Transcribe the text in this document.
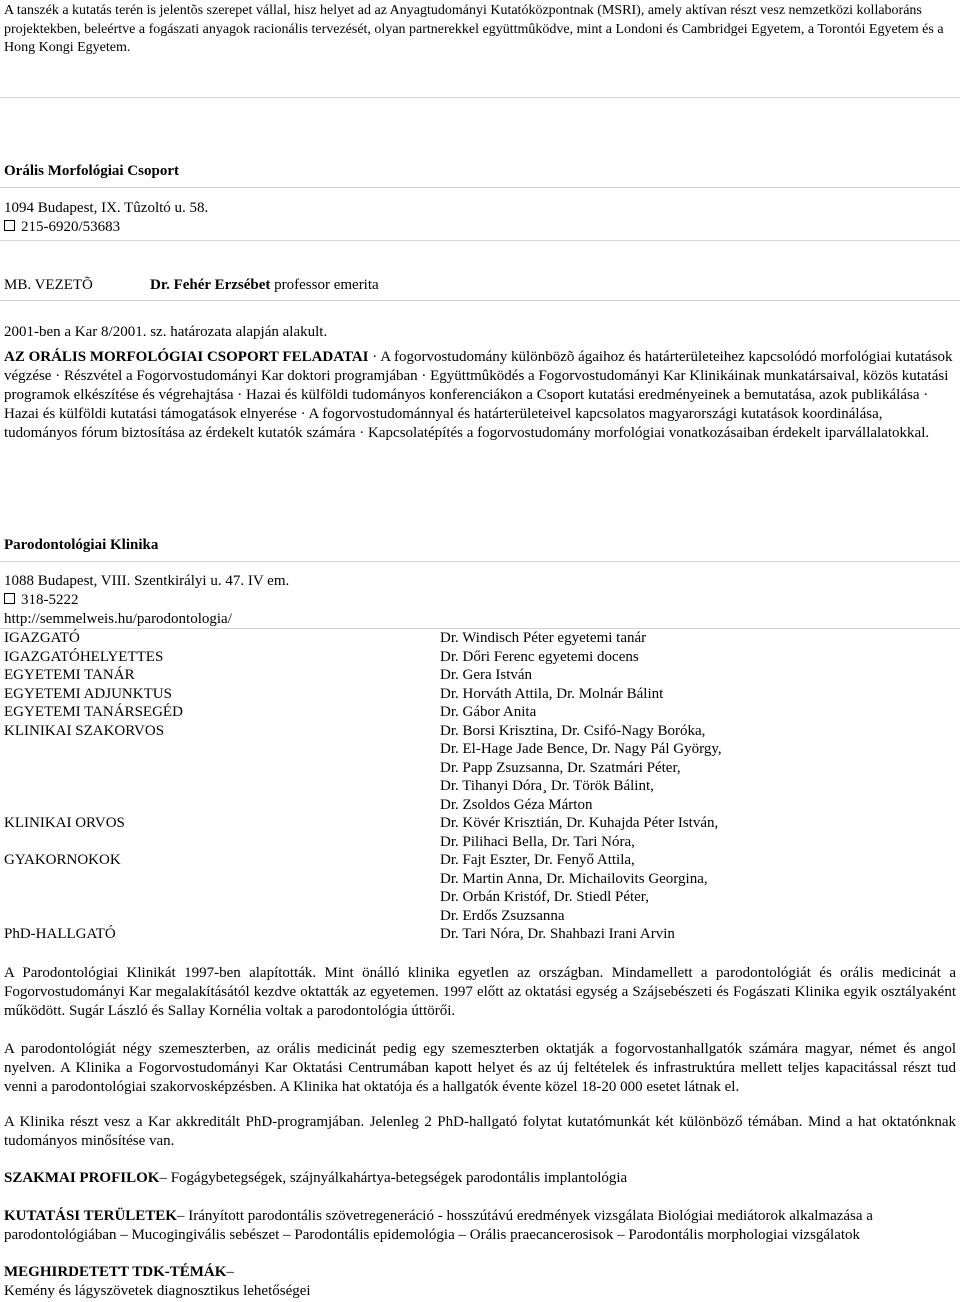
A tanszék a kutatás terén is jelentõs szerepet vállal, hisz helyet ad az Anyagtudományi Kutatóközpontnak (MSRI), amely aktívan részt vesz nemzetközi kollaboráns projektekben, beleértve a fogászati anyagok racionális tervezését, olyan partnerekkel együttmûködve, mint a Londoni és Cambridgei Egyetem, a Torontói Egyetem és a Hong Kongi Egyetem.

Orális Morfológiai Csoport
1094 Budapest, IX. Tûzoltó u. 58.
215-6920/53683
MB. VEZETÕ	Dr. Fehér Erzsébet professor emerita
2001-ben a Kar 8/2001. sz. határozata alapján alakult.

AZ ORÁLIS MORFOLÓGIAI CSOPORT FELADATAI · A fogorvostudomány különbözõ ágaihoz és határterületeihez kapcsolódó morfológiai kutatások végzése · Részvétel a Fogorvostudományi Kar doktori programjában · Együttmûködés a Fogorvostudományi Kar Klinikáinak munkatársaival, közös kutatási programok elkészítése és végrehajtása · Hazai és külföldi tudományos konferenciákon a Csoport kutatási eredményeinek a bemutatása, azok publikálása · Hazai és külföldi kutatási támogatások elnyerése · A fogorvostudománnyal és határterületeivel kapcsolatos magyarországi kutatások koordinálása, tudományos fórum biztosítása az érdekelt kutatók számára · Kapcsolatépítés a fogorvostudomány morfológiai vonatkozásaiban érdekelt iparvállalatokkal.

Parodontológiai Klinika
1088 Budapest, VIII. Szentkirályi u. 47. IV em.
318-5222
http://semmelweis.hu/parodontologia/
IGAZGATÓ
IGAZGATÓHELYETTES
EGYETEMI TANÁR
EGYETEMI ADJUNKTUS
EGYETEMI TANÁRSEGÉD
KLINIKAI SZAKORVOS
KLINIKAI ORVOS
GYAKORNOKOK
PhD-HALLGATÓ
Dr. Windisch Péter egyetemi tanár
Dr. Dőri Ferenc egyetemi docens
Dr. Gera István
Dr. Horváth Attila, Dr. Molnár Bálint
Dr. Gábor Anita
Dr. Borsi Krisztina, Dr. Csifó-Nagy Boróka,
Dr. El-Hage Jade Bence, Dr. Nagy Pál György,
Dr. Papp Zsuzsanna, Dr. Szatmári Péter,
Dr. Tihanyi Dóra¸ Dr. Török Bálint,
Dr. Zsoldos Géza Márton
Dr. Kövér Krisztián, Dr. Kuhajda Péter István,
Dr. Pilihaci Bella, Dr. Tari Nóra,
Dr. Fajt Eszter, Dr. Fenyő Attila,
Dr. Martin Anna, Dr. Michailovits Georgina,
Dr. Orbán Kristóf, Dr. Stiedl Péter,
Dr. Erdős Zsuzsanna
Dr. Tari Nóra, Dr. Shahbazi Irani Arvin

A Parodontológiai Klinikát 1997-ben alapították. Mint önálló klinika egyetlen az országban. Mindamellett a parodontológiát és orális medicinát a Fogorvostudományi Kar megalakításától kezdve oktatták az egyetemen. 1997 előtt az oktatási egység a Szájsebészeti és Fogászati Klinika egyik osztályaként működött. Sugár László és Sallay Kornélia voltak a parodontológia úttörői.

A parodontológiát négy szemeszterben, az orális medicinát pedig egy szemeszterben oktatják a fogorvostanhallgatók számára magyar, német és angol nyelven. A Klinika a Fogorvostudományi Kar Oktatási Centrumában kapott helyet és az új feltételek és infrastruktúra mellett teljes kapacitással részt tud venni a parodontológiai szakorvosképzésben. A Klinika hat oktatója és a hallgatók évente közel 18-20 000 esetet látnak el.

A Klinika részt vesz a Kar akkreditált PhD-programjában. Jelenleg 2 PhD-hallgató folytat kutatómunkát két különböző témában. Mind a hat oktatónknak tudományos minősítése van.

SZAKMAI PROFILOK– Fogágybetegségek, szájnyálkahártya-betegségek parodontális implantológia

KUTATÁSI TERÜLETEK– Irányított parodontális szövetregeneráció - hosszútávú eredmények vizsgálata Biológiai mediátorok alkalmazása a parodontológiában – Mucogingivális sebészet – Parodontális epidemológia – Orális praecancerosisok – Parodontális morphologiai vizsgálatok

MEGHIRDETETT TDK-TÉMÁK–
Kemény és lágyszövetek diagnosztikus lehetőségei
